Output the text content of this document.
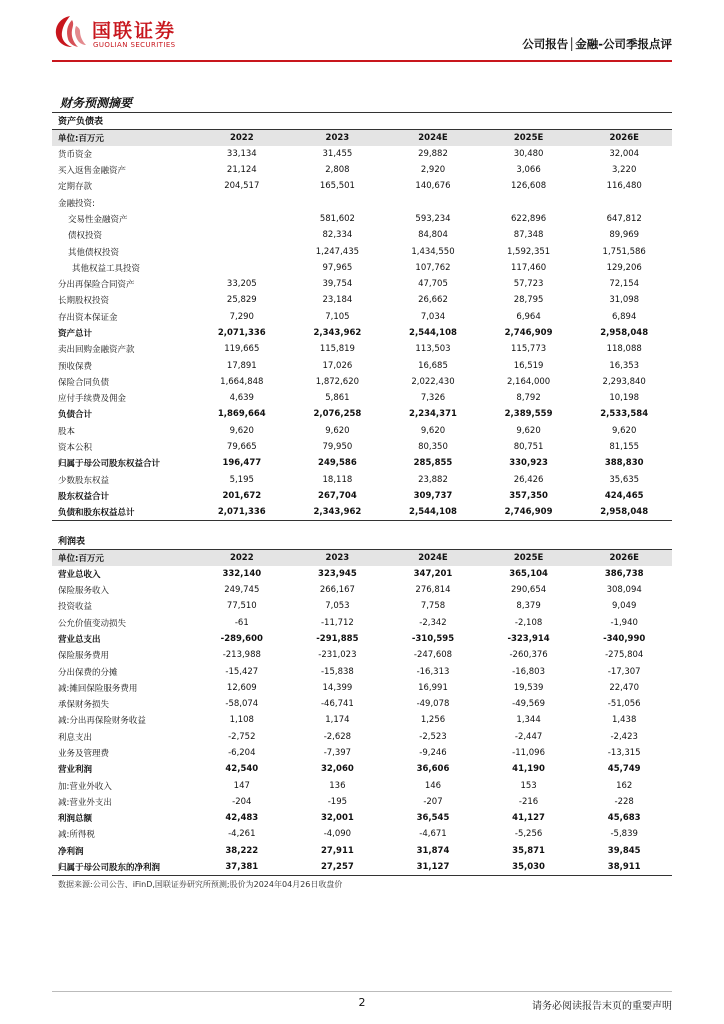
国联证券
GUOLIAN SECURITIES	公司报告│金融-公司季报点评
财务预测摘要
资产负债表					
单位:百万元	2022	2023	2024E	2025E	2026E
货币资金	33,134	31,455	29,882	30,480	32,004
买入返售金融资产	21,124	2,808	2,920	3,066	3,220
定期存款	204,517	165,501	140,676	126,608	116,480
金融投资:					
交易性金融资产		581,602	593,234	622,896	647,812
债权投资		82,334	84,804	87,348	89,969
其他债权投资		1,247,435	1,434,550	1,592,351	1,751,586
其他权益工具投资		97,965	107,762	117,460	129,206
分出再保险合同资产	33,205	39,754	47,705	57,723	72,154
长期股权投资	25,829	23,184	26,662	28,795	31,098
存出资本保证金	7,290	7,105	7,034	6,964	6,894
资产总计	2,071,336	2,343,962	2,544,108	2,746,909	2,958,048
卖出回购金融资产款	119,665	115,819	113,503	115,773	118,088
预收保费	17,891	17,026	16,685	16,519	16,353
保险合同负债	1,664,848	1,872,620	2,022,430	2,164,000	2,293,840
应付手续费及佣金	4,639	5,861	7,326	8,792	10,198
负债合计	1,869,664	2,076,258	2,234,371	2,389,559	2,533,584
股本	9,620	9,620	9,620	9,620	9,620
资本公积	79,665	79,950	80,350	80,751	81,155
归属于母公司股东权益合计	196,477	249,586	285,855	330,923	388,830
少数股东权益	5,195	18,118	23,882	26,426	35,635
股东权益合计	201,672	267,704	309,737	357,350	424,465
负债和股东权益总计	2,071,336	2,343,962	2,544,108	2,746,909	2,958,048
利润表					
单位:百万元	2022	2023	2024E	2025E	2026E
营业总收入	332,140	323,945	347,201	365,104	386,738
保险服务收入	249,745	266,167	276,814	290,654	308,094
投资收益	77,510	7,053	7,758	8,379	9,049
公允价值变动损失	-61	-11,712	-2,342	-2,108	-1,940
营业总支出	-289,600	-291,885	-310,595	-323,914	-340,990
保险服务费用	-213,988	-231,023	-247,608	-260,376	-275,804
分出保费的分摊	-15,427	-15,838	-16,313	-16,803	-17,307
减:摊回保险服务费用	12,609	14,399	16,991	19,539	22,470
承保财务损失	-58,074	-46,741	-49,078	-49,569	-51,056
减:分出再保险财务收益	1,108	1,174	1,256	1,344	1,438
利息支出	-2,752	-2,628	-2,523	-2,447	-2,423
业务及管理费	-6,204	-7,397	-9,246	-11,096	-13,315
营业利润	42,540	32,060	36,606	41,190	45,749
加:营业外收入	147	136	146	153	162
减:营业外支出	-204	-195	-207	-216	-228
利润总额	42,483	32,001	36,545	41,127	45,683
减:所得税	-4,261	-4,090	-4,671	-5,256	-5,839
净利润	38,222	27,911	31,874	35,871	39,845
归属于母公司股东的净利润	37,381	27,257	31,127	35,030	38,911
数据来源:公司公告、iFinD,国联证券研究所预测;股价为2024年04月26日收盘价
2	请务必阅读报告末页的重要声明
